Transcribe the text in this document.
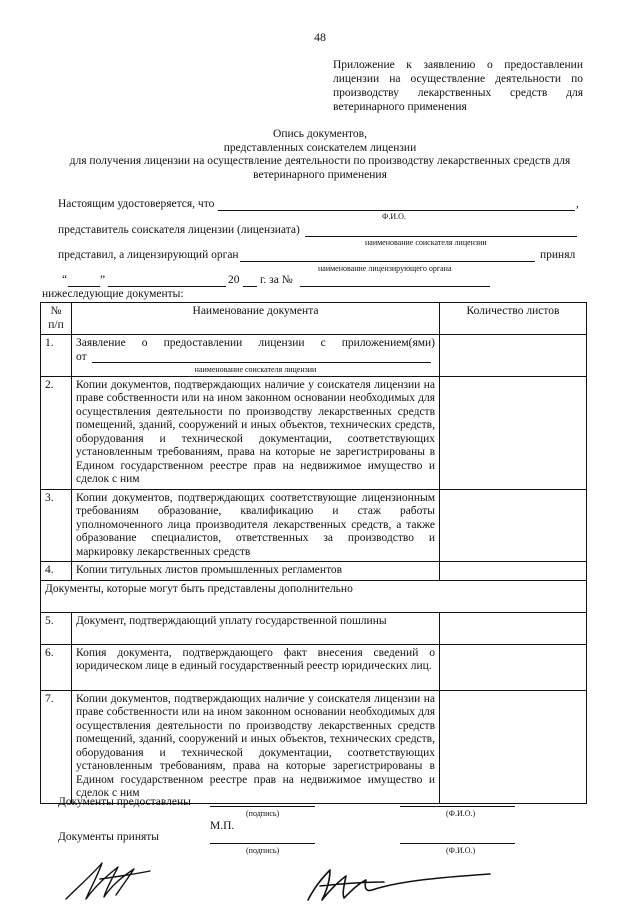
48
Приложение к заявлению о предоставлении
лицензии на осуществление деятельности по
производству лекарственных средств для
ветеринарного применения
Опись документов,
представленных соискателем лицензии
для получения лицензии на осуществление деятельности по производству лекарственных средств для
ветеринарного применения
Настоящим удостоверяется, что	,
Ф.И.О.
представитель соискателя лицензии (лицензиата)
наименование соискателя лицензии
представил, а лицензирующий орган	принял
наименование лицензирующего органа
“	”	20 г. за №
нижеследующие документы:
№ п/п	Наименование документа	Количество листов
1.	Заявление о предоставлении лицензии с приложением(ями)
от
наименование соискателя лицензии	

2.	Копии документов, подтверждающих наличие у соискателя лицензии на праве собственности или на ином законном основании необходимых для осуществления деятельности по производству лекарственных средств помещений, зданий, сооружений и иных объектов, технических средств, оборудования и технической документации, соответствующих установленным требованиям, права на которые не зарегистрированы в Едином государственном реестре прав на недвижимое имущество и сделок с ним	
3.	Копии документов, подтверждающих соответствующие лицензионным требованиям образование, квалификацию и стаж работы уполномоченного лица производителя лекарственных средств, а также образование специалистов, ответственных за производство и маркировку лекарственных средств	
4.	Копии титульных листов промышленных регламентов	
Документы, которые могут быть представлены дополнительно		
5.	Документ, подтверждающий уплату государственной пошлины	
6.	Копия документа, подтверждающего факт внесения сведений о юридическом лице в единый государственный реестр юридических лиц.	
7.	Копии документов, подтверждающих наличие у соискателя лицензии на праве собственности или на ином законном основании необходимых для осуществления деятельности по производству лекарственных средств помещений, зданий, сооружений и иных объектов, технических средств, оборудования и технической документации, соответствующих установленным требованиям, права на которые зарегистрированы в Едином государственном реестре прав на недвижимое имущество и сделок с ним	
Документы предоставлены
(подпись)	(Ф.И.О.)
М.П.
Документы приняты
(подпись)	(Ф.И.О.)
